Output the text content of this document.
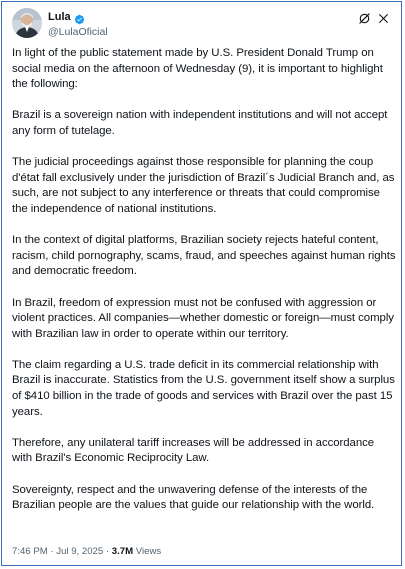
Lula
@LulaOficial

In light of the public statement made by U.S. President Donald Trump on social media on the afternoon of Wednesday (9), it is important to highlight the following:

Brazil is a sovereign nation with independent institutions and will not accept any form of tutelage.

The judicial proceedings against those responsible for planning the coup d'état fall exclusively under the jurisdiction of Brazil´s Judicial Branch and, as such, are not subject to any interference or threats that could compromise the independence of national institutions.

In the context of digital platforms, Brazilian society rejects hateful content, racism, child pornography, scams, fraud, and speeches against human rights and democratic freedom.

In Brazil, freedom of expression must not be confused with aggression or violent practices. All companies—whether domestic or foreign—must comply with Brazilian law in order to operate within our territory.

The claim regarding a U.S. trade deficit in its commercial relationship with Brazil is inaccurate. Statistics from the U.S. government itself show a surplus of $410 billion in the trade of goods and services with Brazil over the past 15 years.

Therefore, any unilateral tariff increases will be addressed in accordance with Brazil's Economic Reciprocity Law.

Sovereignty, respect and the unwavering defense of the interests of the Brazilian people are the values that guide our relationship with the world.

7:46 PM · Jul 9, 2025 · 3.7M Views
